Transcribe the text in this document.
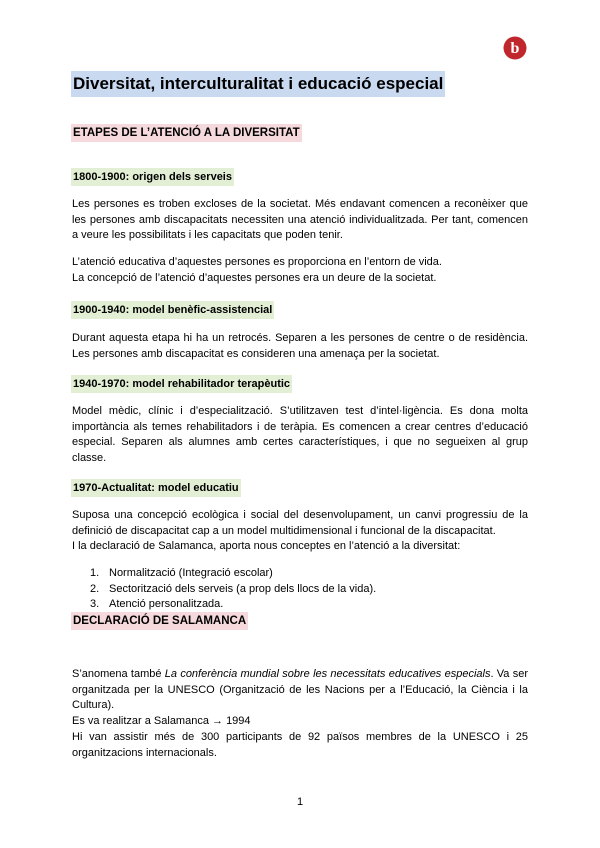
b
Diversitat, interculturalitat i educació especial
ETAPES DE L’ATENCIÓ A LA DIVERSITAT
1800-1900: origen dels serveis

Les persones es troben excloses de la societat. Més endavant comencen a reconèixer que les persones amb discapacitats necessiten una atenció individualitzada. Per tant, comencen a veure les possibilitats i les capacitats que poden tenir.

L’atenció educativa d’aquestes persones es proporciona en l’entorn de vida.
La concepció de l’atenció d’aquestes persones era un deure de la societat.

1900-1940: model benèfic-assistencial

Durant aquesta etapa hi ha un retrocés. Separen a les persones de centre o de residència. Les persones amb discapacitat es consideren una amenaça per la societat.

1940-1970: model rehabilitador terapèutic

Model mèdic, clínic i d’especialització. S’utilitzaven test d’intel·ligència. Es dona molta importància als temes rehabilitadors i de teràpia. Es comencen a crear centres d’educació especial. Separen als alumnes amb certes característiques, i que no segueixen al grup classe.

1970-Actualitat: model educatiu

Suposa una concepció ecològica i social del desenvolupament, un canvi progressiu de la definició de discapacitat cap a un model multidimensional i funcional de la discapacitat.

I la declaració de Salamanca, aporta nous conceptes en l’atenció a la diversitat:

1. Normalització (Integració escolar)
2. Sectorització dels serveis (a prop dels llocs de la vida).
3. Atenció personalitzada.
DECLARACIÓ DE SALAMANCA

S’anomena també La conferència mundial sobre les necessitats educatives especials. Va ser organitzada per la UNESCO (Organització de les Nacions per a l’Educació, la Ciència i la Cultura).

Es va realitzar a Salamanca → 1994

Hi van assistir més de 300 participants de 92 països membres de la UNESCO i 25 organitzacions internacionals.

1
